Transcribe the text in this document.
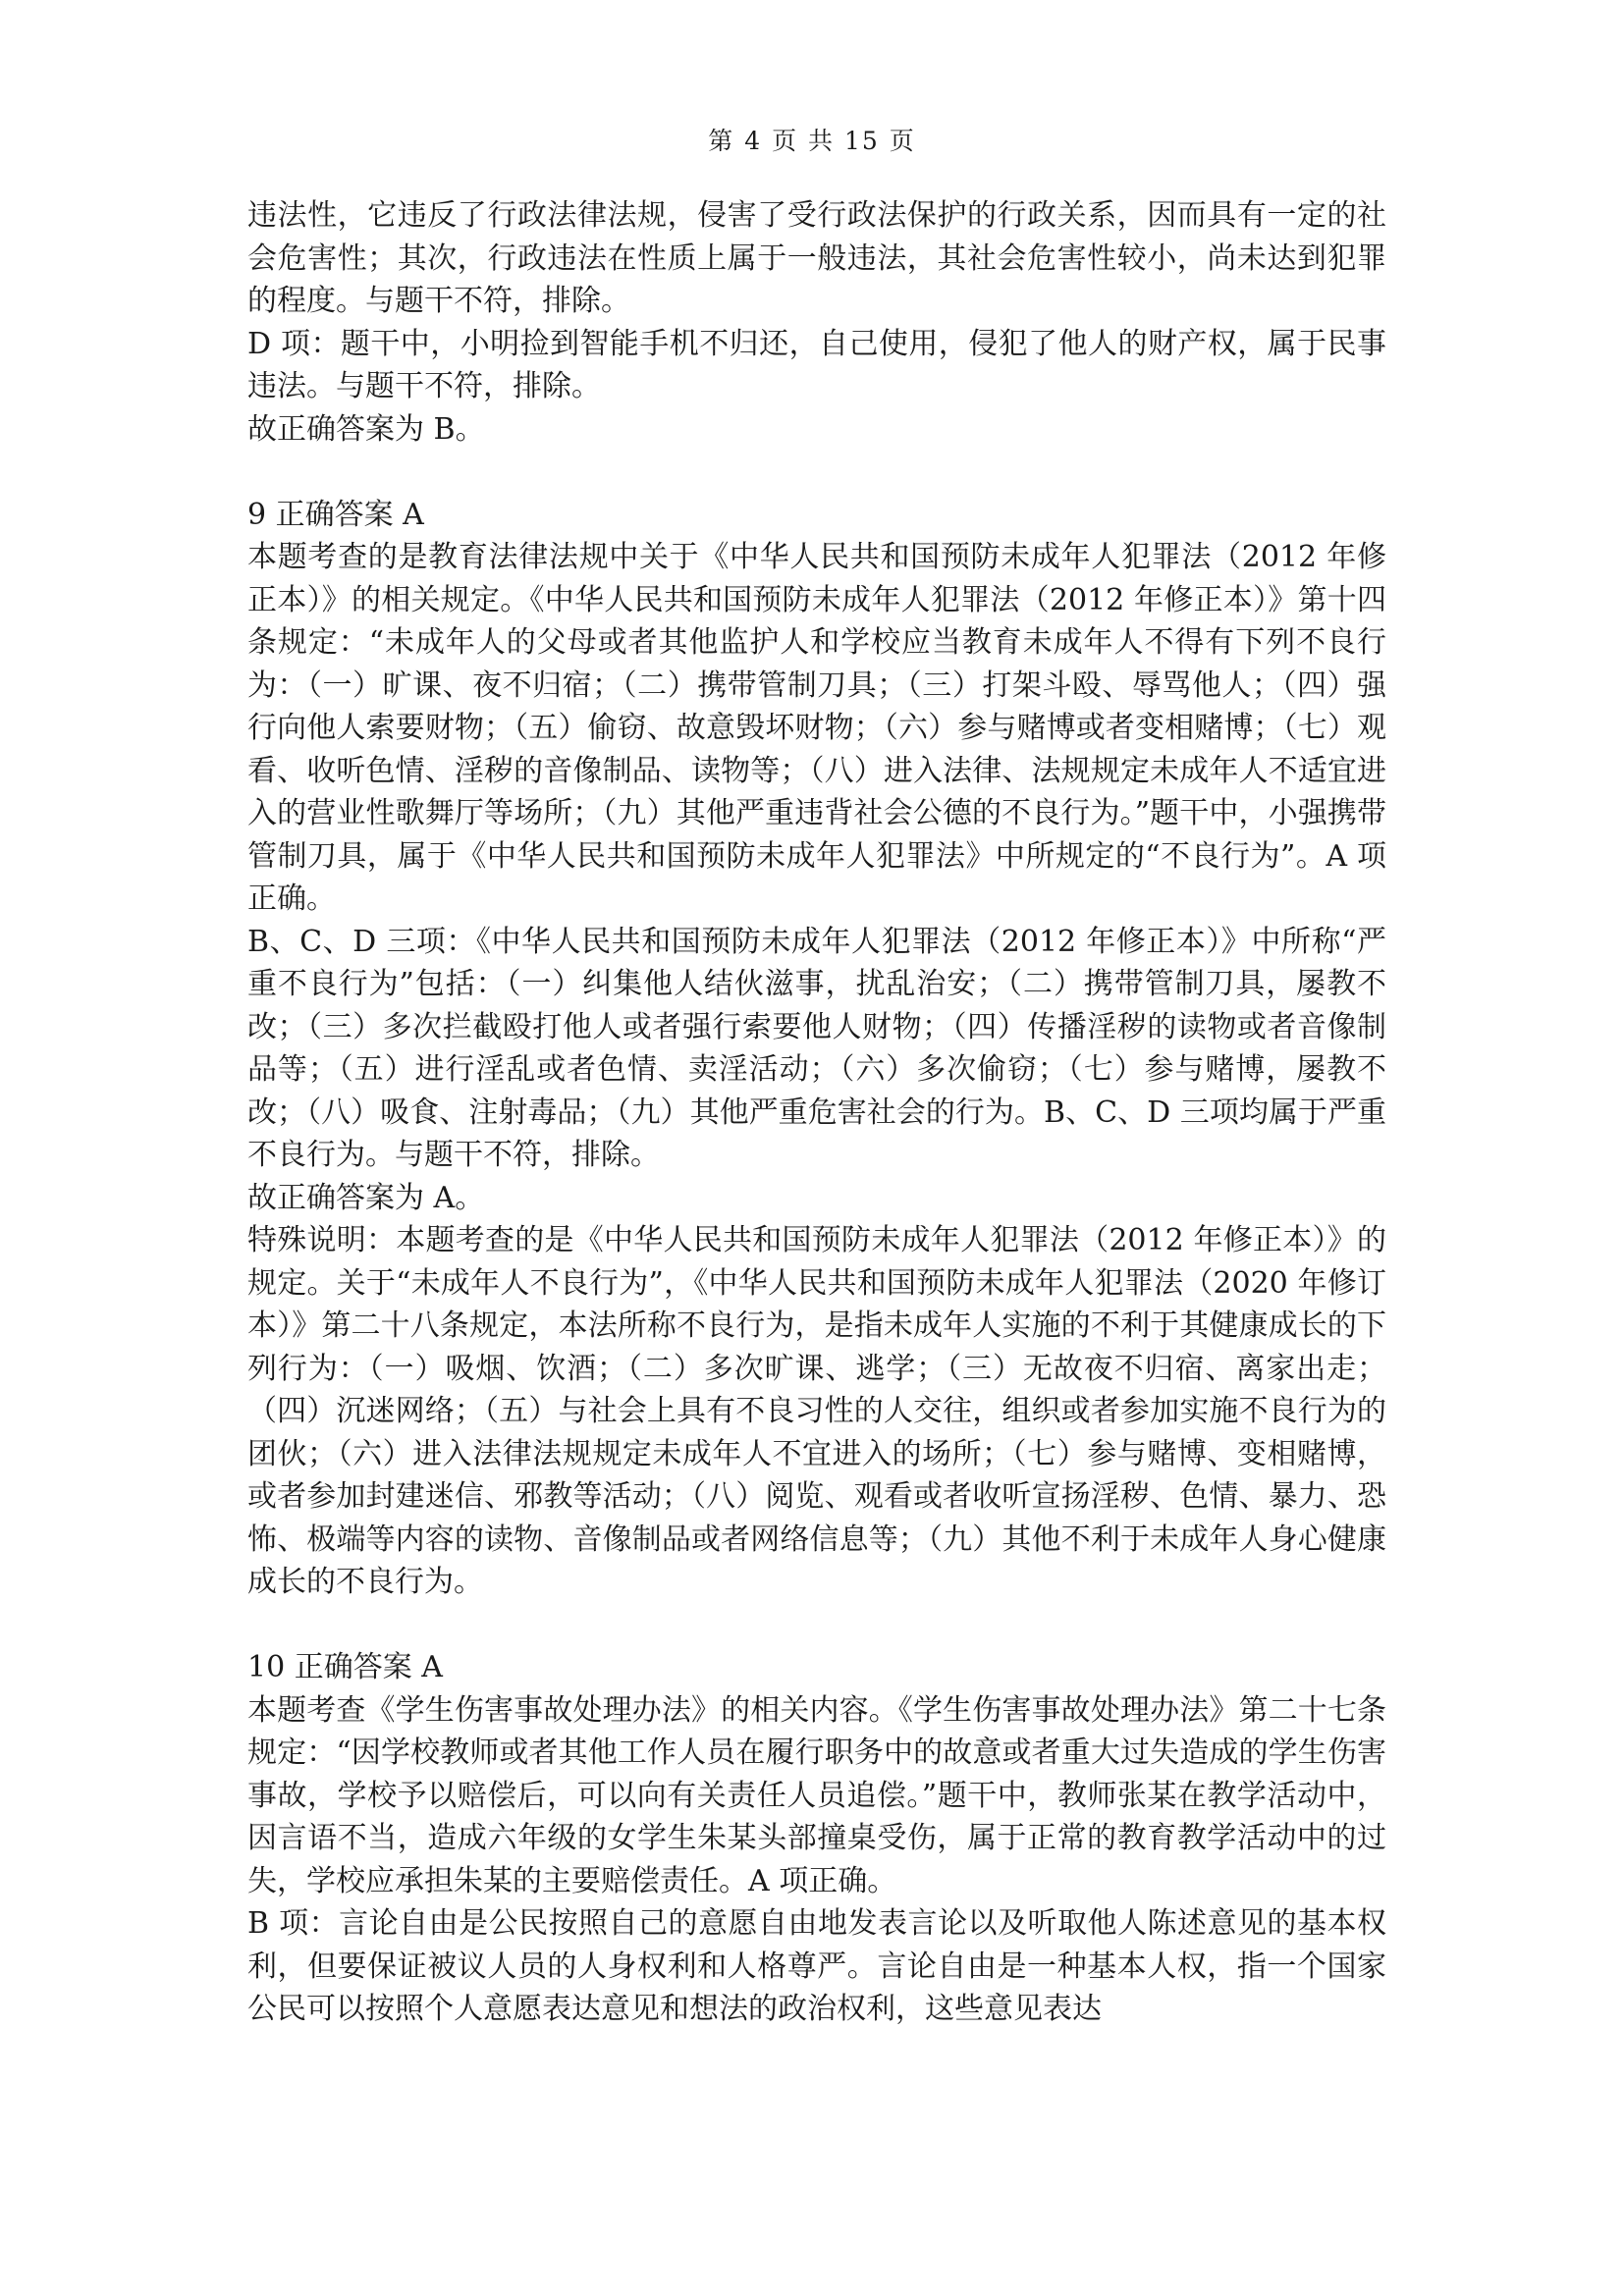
第 4 页 共 15 页

违法性，它违反了行政法律法规，侵害了受行政法保护的行政关系，因而具有一定的社会危害性；其次，行政违法在性质上属于一般违法，其社会危害性较小，尚未达到犯罪的程度。与题干不符，排除。

D 项：题干中，小明捡到智能手机不归还，自己使用，侵犯了他人的财产权，属于民事违法。与题干不符，排除。

故正确答案为 B。

9 正确答案 A

本题考查的是教育法律法规中关于《中华人民共和国预防未成年人犯罪法（2012 年修正本）》的相关规定。《中华人民共和国预防未成年人犯罪法（2012 年修正本）》第十四条规定：“未成年人的父母或者其他监护人和学校应当教育未成年人不得有下列不良行为：（一）旷课、夜不归宿；（二）携带管制刀具；（三）打架斗殴、辱骂他人；（四）强行向他人索要财物；（五）偷窃、故意毁坏财物；（六）参与赌博或者变相赌博；（七）观看、收听色情、淫秽的音像制品、读物等；（八）进入法律、法规规定未成年人不适宜进入的营业性歌舞厅等场所；（九）其他严重违背社会公德的不良行为。”题干中，小强携带管制刀具，属于《中华人民共和国预防未成年人犯罪法》中所规定的“不良行为”。A 项正确。

B、C、D 三项：《中华人民共和国预防未成年人犯罪法（2012 年修正本）》中所称“严重不良行为”包括：（一）纠集他人结伙滋事，扰乱治安；（二）携带管制刀具，屡教不改；（三）多次拦截殴打他人或者强行索要他人财物；（四）传播淫秽的读物或者音像制品等；（五）进行淫乱或者色情、卖淫活动；（六）多次偷窃；（七）参与赌博，屡教不改；（八）吸食、注射毒品；（九）其他严重危害社会的行为。B、C、D 三项均属于严重不良行为。与题干不符，排除。

故正确答案为 A。

特殊说明：本题考查的是《中华人民共和国预防未成年人犯罪法（2012 年修正本）》的规定。关于“未成年人不良行为”，《中华人民共和国预防未成年人犯罪法（2020 年修订本）》第二十八条规定，本法所称不良行为，是指未成年人实施的不利于其健康成长的下列行为：（一）吸烟、饮酒；（二）多次旷课、逃学；（三）无故夜不归宿、离家出走；（四）沉迷网络；（五）与社会上具有不良习性的人交往，组织或者参加实施不良行为的团伙；（六）进入法律法规规定未成年人不宜进入的场所；（七）参与赌博、变相赌博，或者参加封建迷信、邪教等活动；（八）阅览、观看或者收听宣扬淫秽、色情、暴力、恐怖、极端等内容的读物、音像制品或者网络信息等；（九）其他不利于未成年人身心健康成长的不良行为。

10 正确答案 A

本题考查《学生伤害事故处理办法》的相关内容。《学生伤害事故处理办法》第二十七条规定：“因学校教师或者其他工作人员在履行职务中的故意或者重大过失造成的学生伤害事故，学校予以赔偿后，可以向有关责任人员追偿。”题干中，教师张某在教学活动中，因言语不当，造成六年级的女学生朱某头部撞桌受伤，属于正常的教育教学活动中的过失，学校应承担朱某的主要赔偿责任。A 项正确。

B 项：言论自由是公民按照自己的意愿自由地发表言论以及听取他人陈述意见的基本权利，但要保证被议人员的人身权利和人格尊严。言论自由是一种基本人权，指一个国家公民可以按照个人意愿表达意见和想法的政治权利，这些意见表达
